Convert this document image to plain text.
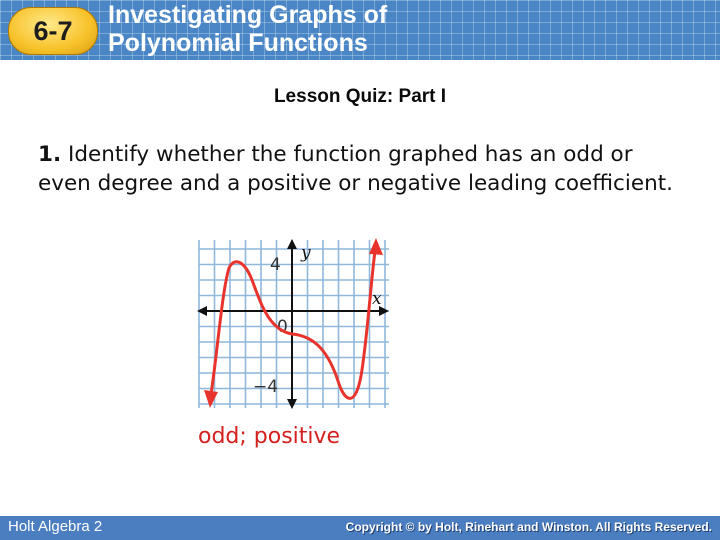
6-7
Investigating Graphs of
Polynomial Functions
Lesson Quiz: Part I
1. Identify whether the function graphed has an odd or even degree and a positive or negative leading coefficient.
y
x
4
0
−4
odd; positive
Holt Algebra 2	Copyright © by Holt, Rinehart and Winston. All Rights Reserved.
